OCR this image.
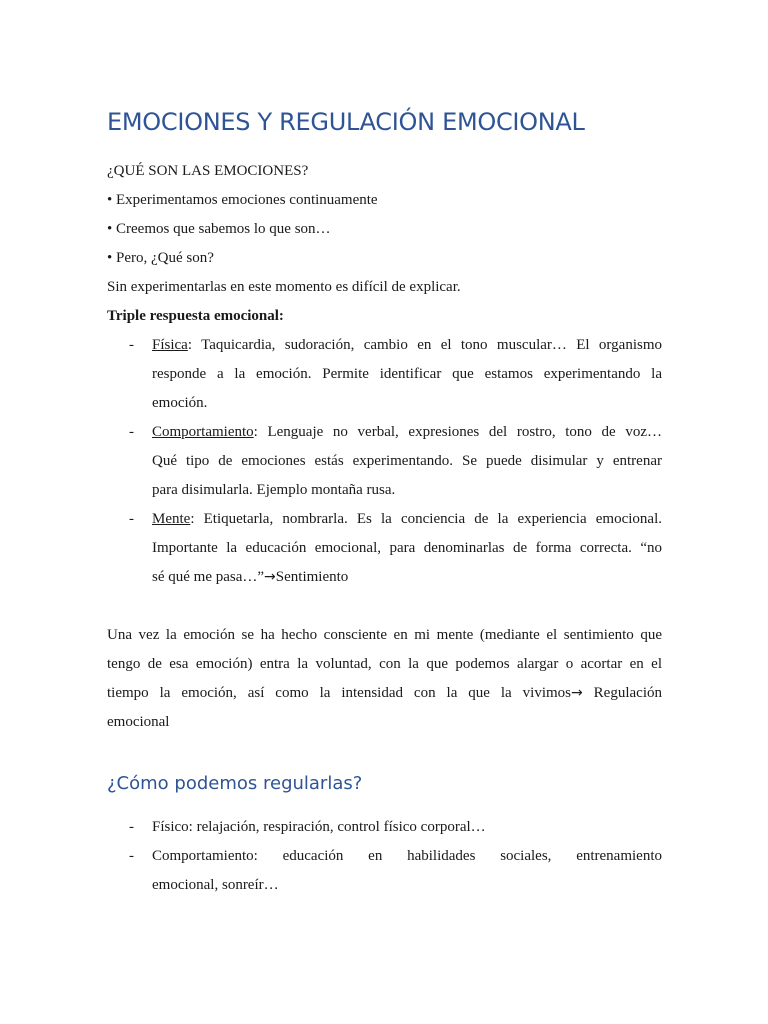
EMOCIONES Y REGULACIÓN EMOCIONAL
¿QUÉ SON LAS EMOCIONES?
• Experimentamos emociones continuamente
• Creemos que sabemos lo que son…
• Pero, ¿Qué son?
Sin experimentarlas en este momento es difícil de explicar.
Triple respuesta emocional:
- Física: Taquicardia, sudoración, cambio en el tono muscular… El organismo
responde a la emoción. Permite identificar que estamos experimentando la
emoción.
- Comportamiento: Lenguaje no verbal, expresiones del rostro, tono de voz…
Qué tipo de emociones estás experimentando. Se puede disimular y entrenar
para disimularla. Ejemplo montaña rusa.
- Mente: Etiquetarla, nombrarla. Es la conciencia de la experiencia emocional.
Importante la educación emocional, para denominarlas de forma correcta. “no
sé qué me pasa…”→Sentimiento
Una vez la emoción se ha hecho consciente en mi mente (mediante el sentimiento que
tengo de esa emoción) entra la voluntad, con la que podemos alargar o acortar en el
tiempo la emoción, así como la intensidad con la que la vivimos→ Regulación
emocional
¿Cómo podemos regularlas?
- Físico: relajación, respiración, control físico corporal…
- Comportamiento: educación en habilidades sociales, entrenamiento
emocional, sonreír…
